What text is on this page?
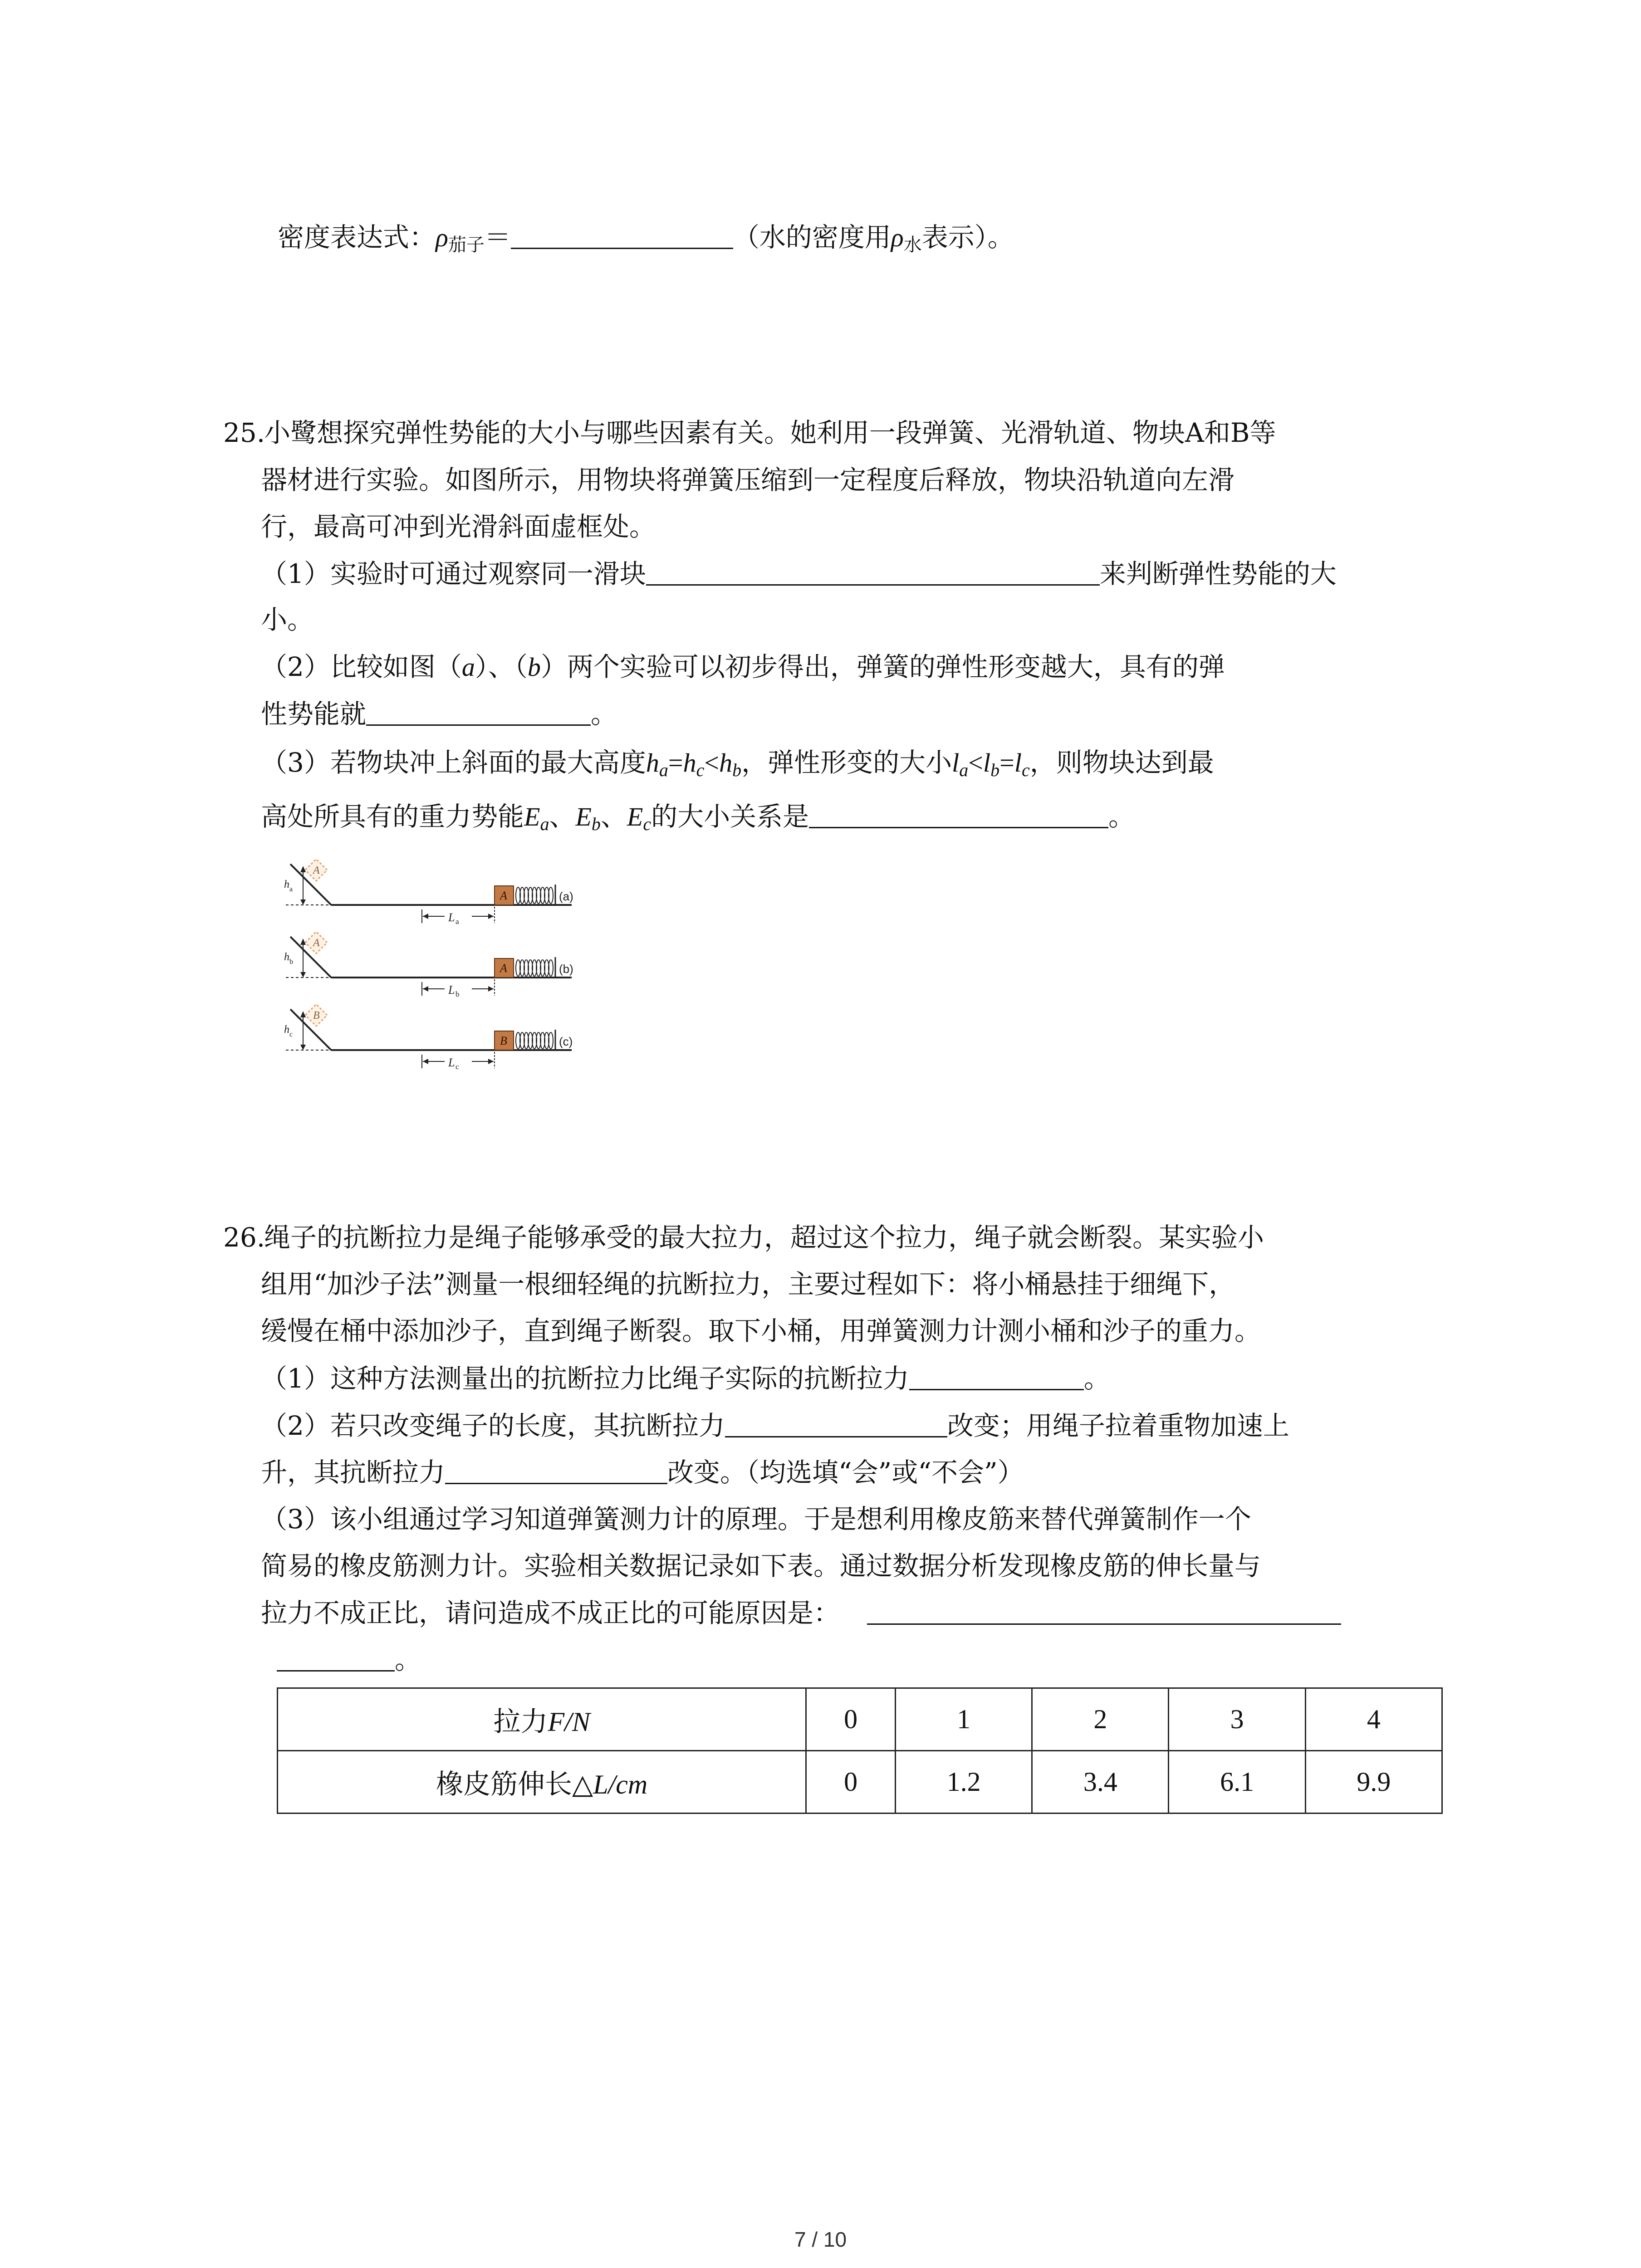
密度表达式：$\rho_{茄子}=$	（水的密度用$\rho_水$表示）。
25.小鹭想探究弹性势能的大小与哪些因素有关。她利用一段弹簧、光滑轨道、物块A和B等
器材进行实验。如图所示，用物块将弹簧压缩到一定程度后释放，物块沿轨道向左滑
行，最高可冲到光滑斜面虚框处。
（1）实验时可通过观察同一滑块	来判断弹性势能的大
小。
（2）比较如图（a）、（b）两个实验可以初步得出，弹簧的弹性形变越大，具有的弹
性势能就	。
（3）若物块冲上斜面的最大高度$h_a=h_c<h_b$，弹性形变的大小$l_a<l_b=l_c$，则物块达到最
高处所具有的重力势能$E_a$、$E_b$、$E_c$的大小关系是	。
A
h a	A	(a)
L a
A
h b	A	(b)
L b
B
h c	B	(c)
L c
26.绳子的抗断拉力是绳子能够承受的最大拉力，超过这个拉力，绳子就会断裂。某实验小
组用“加沙子法”测量一根细轻绳的抗断拉力，主要过程如下：将小桶悬挂于细绳下，
缓慢在桶中添加沙子，直到绳子断裂。取下小桶，用弹簧测力计测小桶和沙子的重力。
（1）这种方法测量出的抗断拉力比绳子实际的抗断拉力	。
（2）若只改变绳子的长度，其抗断拉力	改变；用绳子拉着重物加速上
升，其抗断拉力	改变。（均选填“会”或“不会”）
（3）该小组通过学习知道弹簧测力计的原理。于是想利用橡皮筋来替代弹簧制作一个
简易的橡皮筋测力计。实验相关数据记录如下表。通过数据分析发现橡皮筋的伸长量与
拉力不成正比，请问造成不成正比的可能原因是：
。
拉力F/N	0	1	2	3	4
橡皮筋伸长△L/cm	0	1.2	3.4	6.1	9.9
7 / 10
